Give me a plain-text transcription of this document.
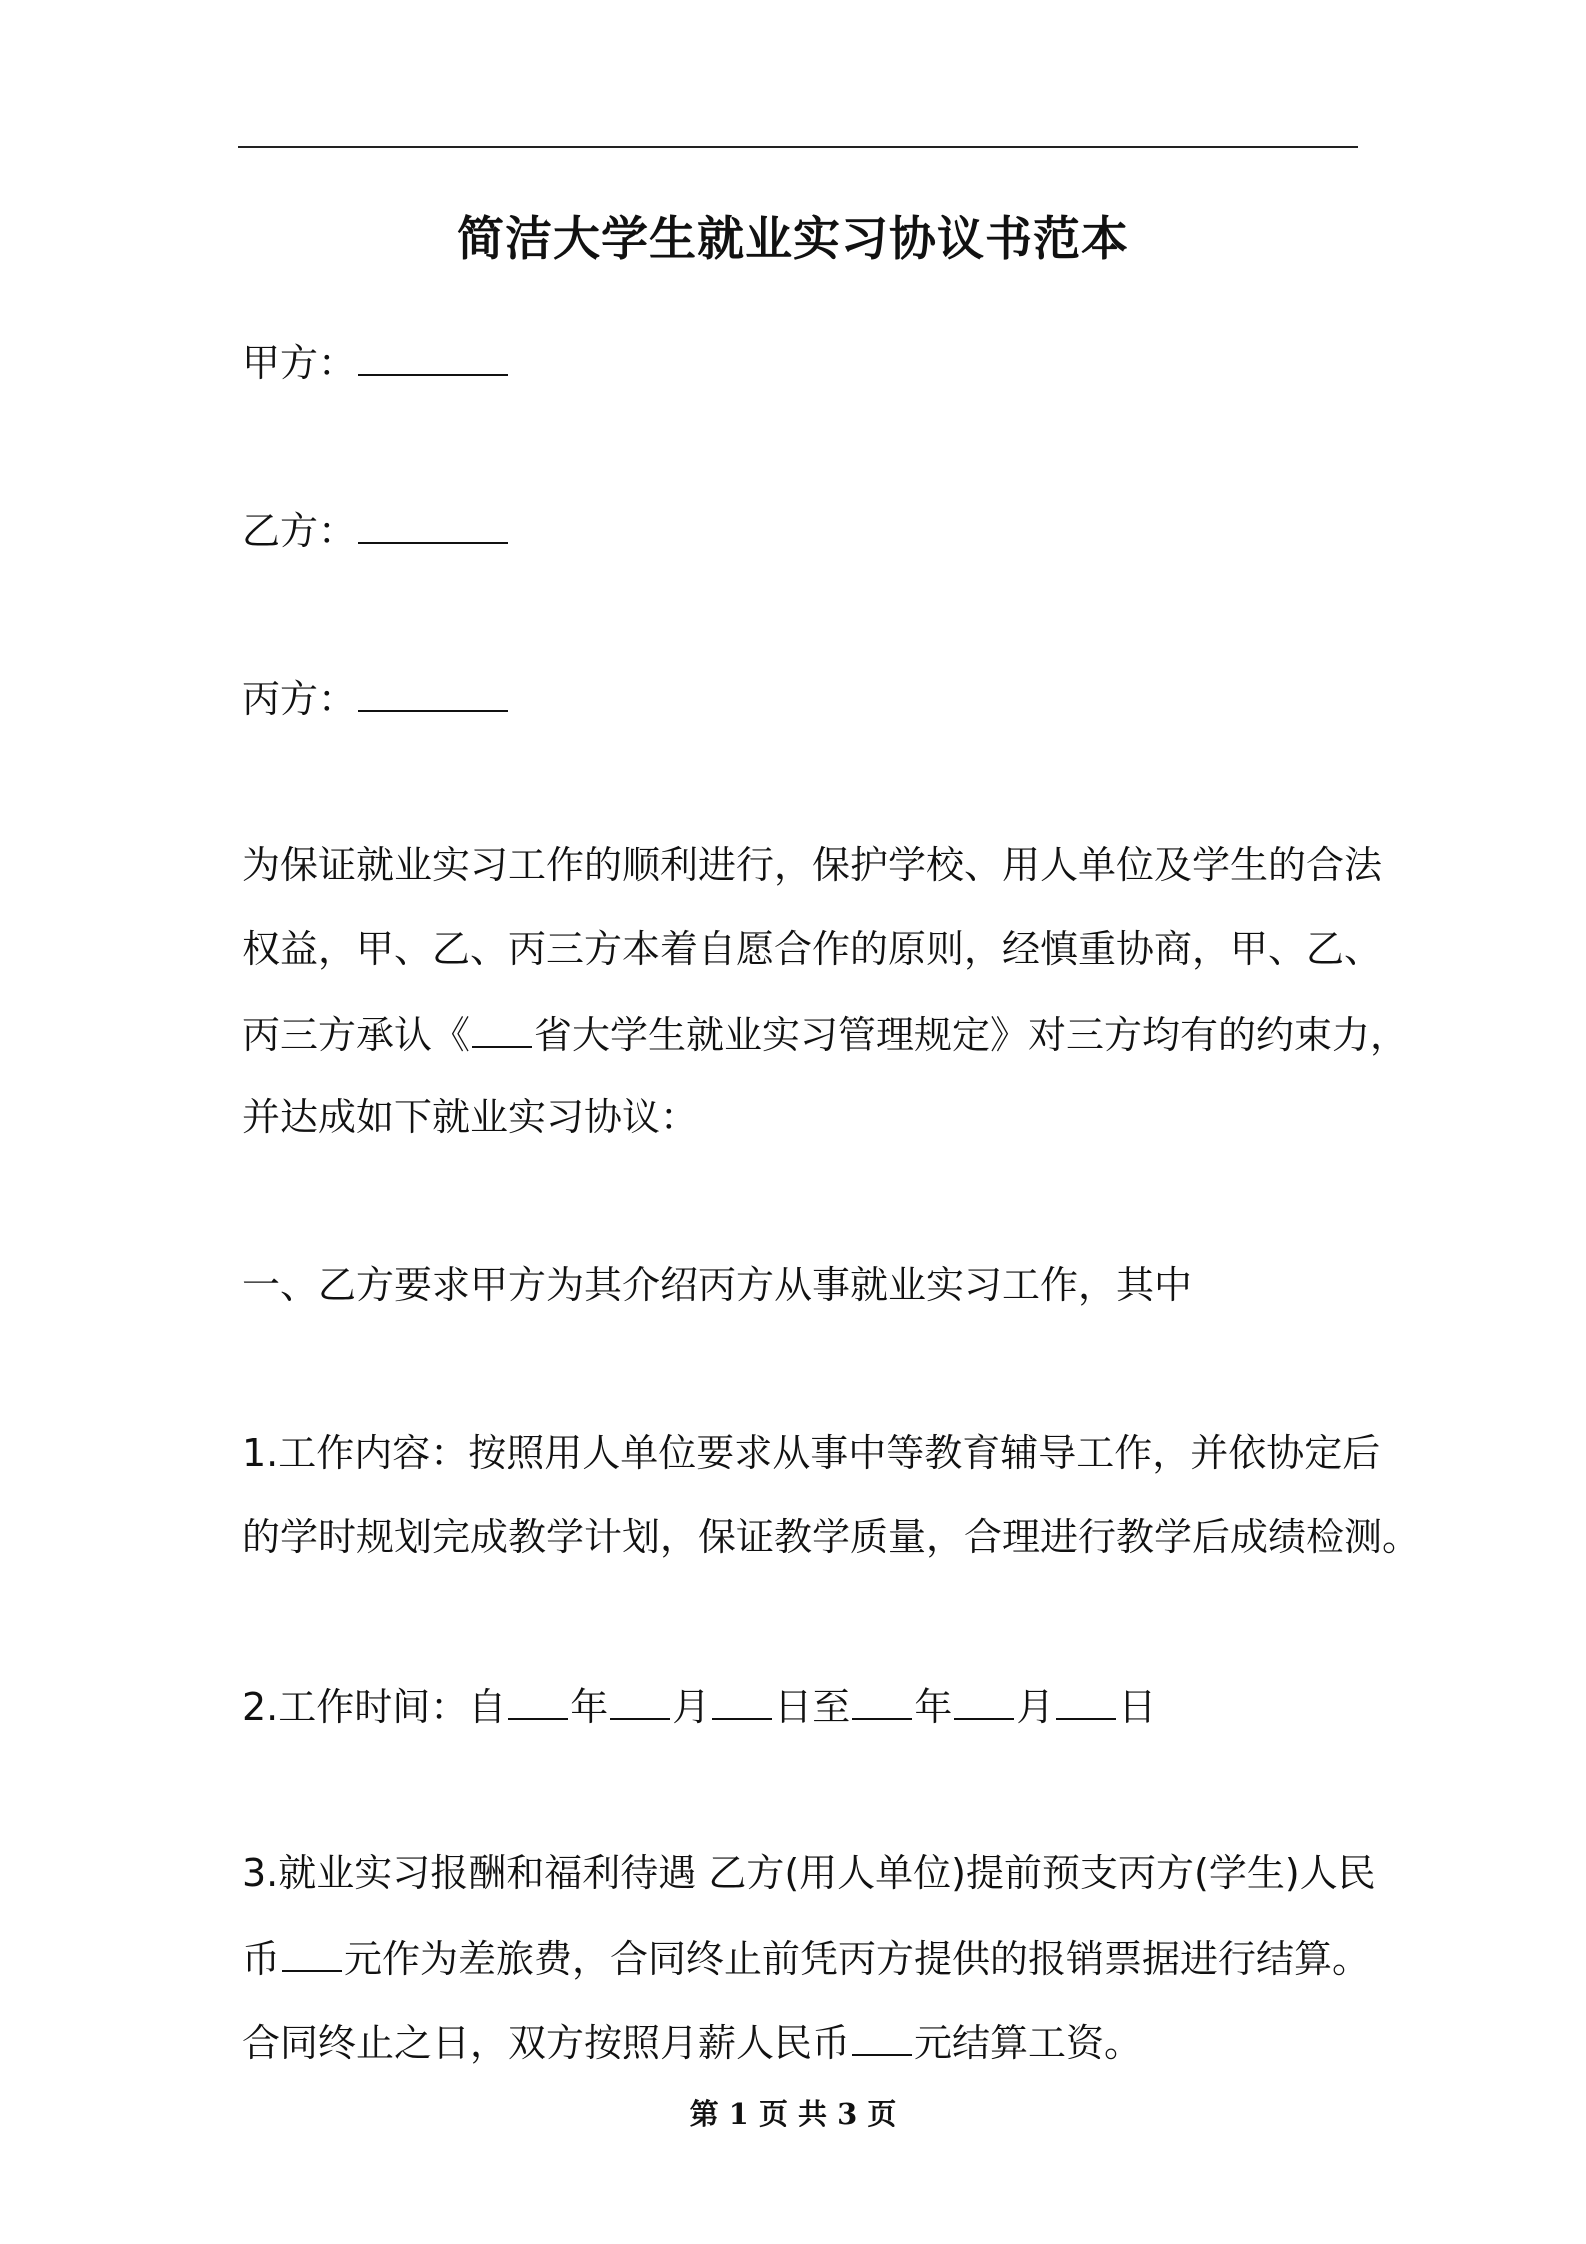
简洁大学生就业实习协议书范本
甲方：
乙方：
丙方：
为保证就业实习工作的顺利进行，保护学校、用人单位及学生的合法
权益，甲、乙、丙三方本着自愿合作的原则，经慎重协商，甲、乙、
丙三方承认《 省大学生就业实习管理规定》对三方均有的约束力，
并达成如下就业实习协议：
一、乙方要求甲方为其介绍丙方从事就业实习工作，其中
1.工作内容：按照用人单位要求从事中等教育辅导工作，并依协定后
的学时规划完成教学计划，保证教学质量，合理进行教学后成绩检测。
2.工作时间：自 年 月 日至 年 月 日
3.就业实习报酬和福利待遇 乙方(用人单位)提前预支丙方(学生)人民
币 元作为差旅费，合同终止前凭丙方提供的报销票据进行结算。
合同终止之日，双方按照月薪人民币 元结算工资。
第 1 页 共 3 页
